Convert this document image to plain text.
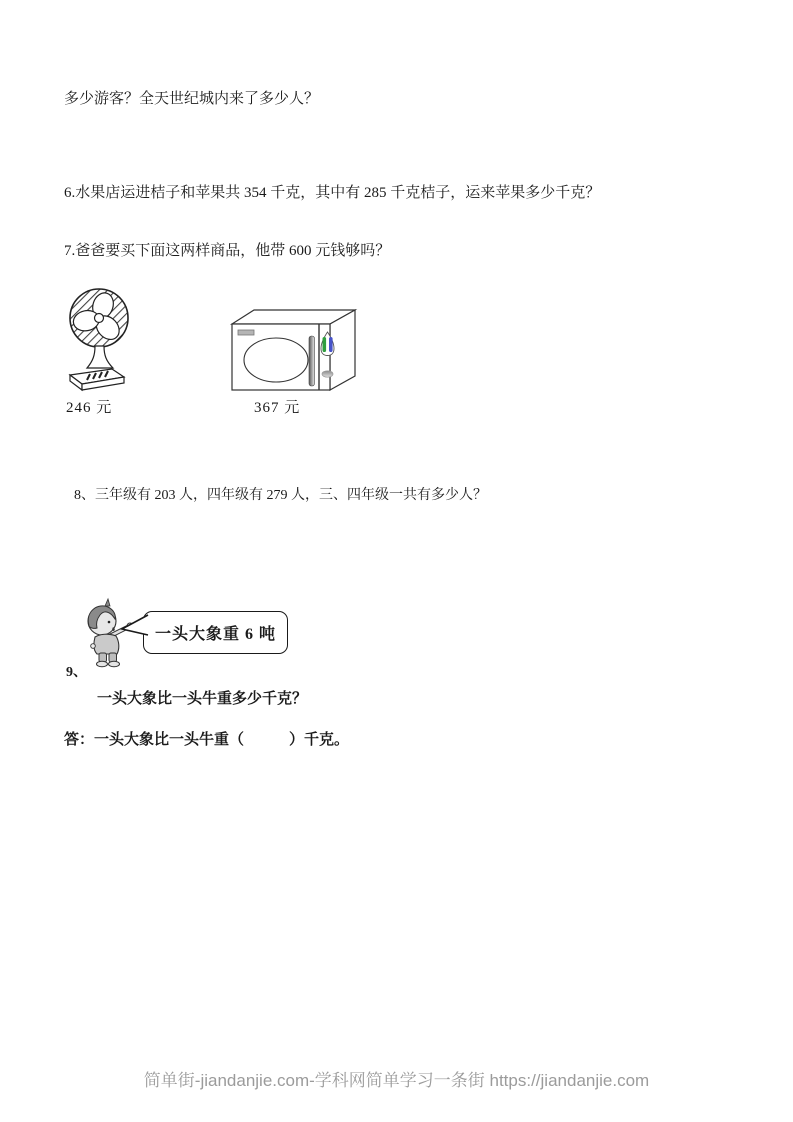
多少游客？全天世纪城内来了多少人？
6.水果店运进桔子和苹果共 354 千克，其中有 285 千克桔子，运来苹果多少千克？
7.爸爸要买下面这两样商品，他带 600 元钱够吗？
246 元	367 元
8、三年级有 203 人，四年级有 279 人，三、四年级一共有多少人？
一头大象重 6 吨
9、
一头大象比一头牛重多少千克？
答：一头大象比一头牛重（　　　）千克。
简单街-jiandanjie.com-学科网简单学习一条街 https://jiandanjie.com
